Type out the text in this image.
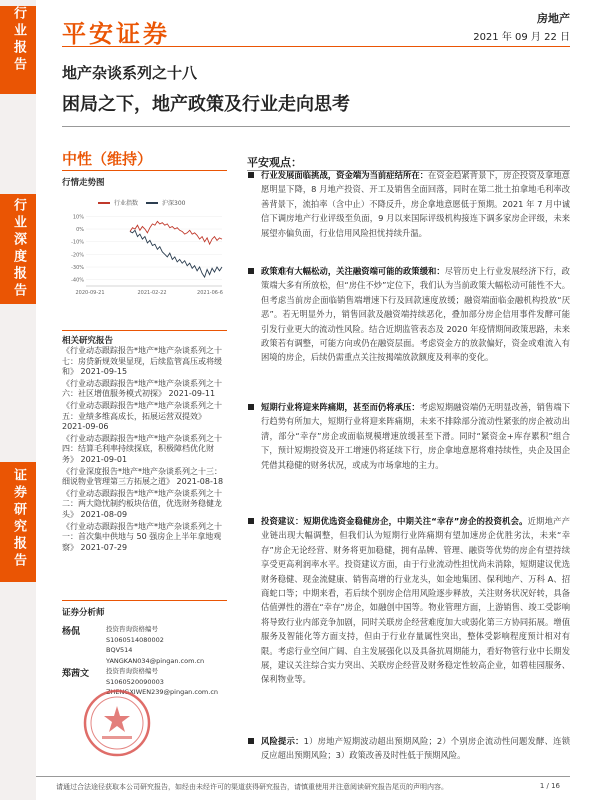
行业报告
行业深度报告
证券研究报告
平安证券
房地产
2021 年 09 月 22 日
地产杂谈系列之十八
困局之下，地产政策及行业走向思考
中性（维持）
行情走势图
行业指数	沪深300
10%
0%
-10%
-20%
-30%
-40%
2020-09-21	2021-02-22	2021-06-6
相关研究报告
《行业动态跟踪报告*地产*地产杂谈系列之十七：房贷新规效果显现，后续监管高压或将缓和》 2021-09-15
《行业动态跟踪报告*地产*地产杂谈系列之十六：社区增值服务模式初探》 2021-09-11
《行业动态跟踪报告*地产*地产杂谈系列之十五：业绩多维高成长，拓展运营双提效》 2021-09-06
《行业动态跟踪报告*地产*地产杂谈系列之十四：结算毛利率持续探底，积极障档优化财务》 2021-09-01
《行业深度报告*地产*地产杂谈系列之十三：细说物业管理第三方拓展之道》 2021-08-18
《行业动态跟踪报告*地产*地产杂谈系列之十二：两大隐忧制约板块估值，优选财务稳健龙头》 2021-08-09
《行业动态跟踪报告*地产*地产杂谈系列之十一：首次集中供地与 50 强房企上半年拿地观察》 2021-07-29
证券分析师
杨侃	投资咨询资格编号
S1060514080002
BQV514
YANGKAN034@pingan.com.cn
郑茜文	投资咨询资格编号
S1060520090003
ZHENGXIWEN239@pingan.com.cn
平安观点：
行业发展面临挑战，资金端为当前症结所在：在资金趋紧背景下，房企投资及拿地意愿明显下降，8 月地产投资、开工及销售全面回落，同时在第二批土拍拿地毛利率改善背景下，流拍率（含中止）不降反升，房企拿地意愿低于预期。2021 年 7 月中诚信下调房地产行业评级至负面，9 月以来国际评级机构接连下调多家房企评级，未来展望亦偏负面，行业信用风险担忧持续升温。
政策难有大幅松动，关注融资端可能的政策缓和：尽管历史上行业发展经济下行，政策端大多有所放松，但“房住不炒”定位下，我们认为当前政策大幅松动可能性不大。但考虑当前房企面临销售端增速下行及回款速度放缓；融资端面临金融机构投放“厌恶”。若无明显外力，销售回款及融资端持续恶化，叠加部分房企信用事件发酵可能引发行业更大的流动性风险。结合近期监管表态及 2020 年疫情期间政策思路，未来政策若有调整，可能方向或仍在融资层面。考虑资金方的放款偏好，资金或难流入有困境的房企，后续仍需重点关注按揭端放款额度及利率的变化。
短期行业将迎来阵痛期，甚至而仍将承压：考虑短期融资端仍无明显改善，销售端下行趋势有所加大，短期行业将迎来阵痛期，未来不排除部分流动性紧张的房企被动出清，部分“幸存”房企或面临规模增速放缓甚至下滑。同时“紧资金+库存累积”组合下，预计短期投资及开工增速仍将延续下行，房企拿地意愿将难持续性，央企及国企凭借其稳健的财务状况，或成为市场拿地的主力。
投资建议：短期优选资金稳健房企，中期关注“幸存”房企的投资机会。近期地产产业链出现大幅调整，但我们认为短期行业阵痛期有望加速房企优胜劣汰，未来“幸存”房企无论经营、财务将更加稳健，拥有品牌、管理、融资等优势的房企有望持续享受更高利润率水平。投资建议方面，由于行业流动性担忧尚未消除，短期建议优选财务稳健、现金流健康、销售高增的行业龙头，如金地集团、保利地产、万科 A、招商蛇口等；中期来看，若后续个别房企信用风险逐步释放，关注财务状况好转，具备估值弹性的潜在“幸存”房企，如融创中国等。物业管理方面，上游销售、竣工受影响将导致行业内部竞争加剧，同时关联房企经营难度加大或弱化第三方协同拓展。增值服务及智能化等方面支持，但由于行业存量属性突出，整体受影响程度预计相对有限。考虑行业空间广阔、自主发展强化以及具备抗周期能力，看好物管行业中长期发展，建议关注综合实力突出、关联房企经营及财务稳定性较高企业，如碧桂园服务、保利物业等。
风险提示：1）房地产短期波动超出预期风险；2）个别房企流动性问题发酵、连锁反应超出预期风险；3）政策改善及时性低于预期风险。
请通过合法途径获取本公司研究报告，如经由未经许可的渠道获得研究报告，请慎重使用并注意阅读研究报告尾页的声明内容。	1 / 16
